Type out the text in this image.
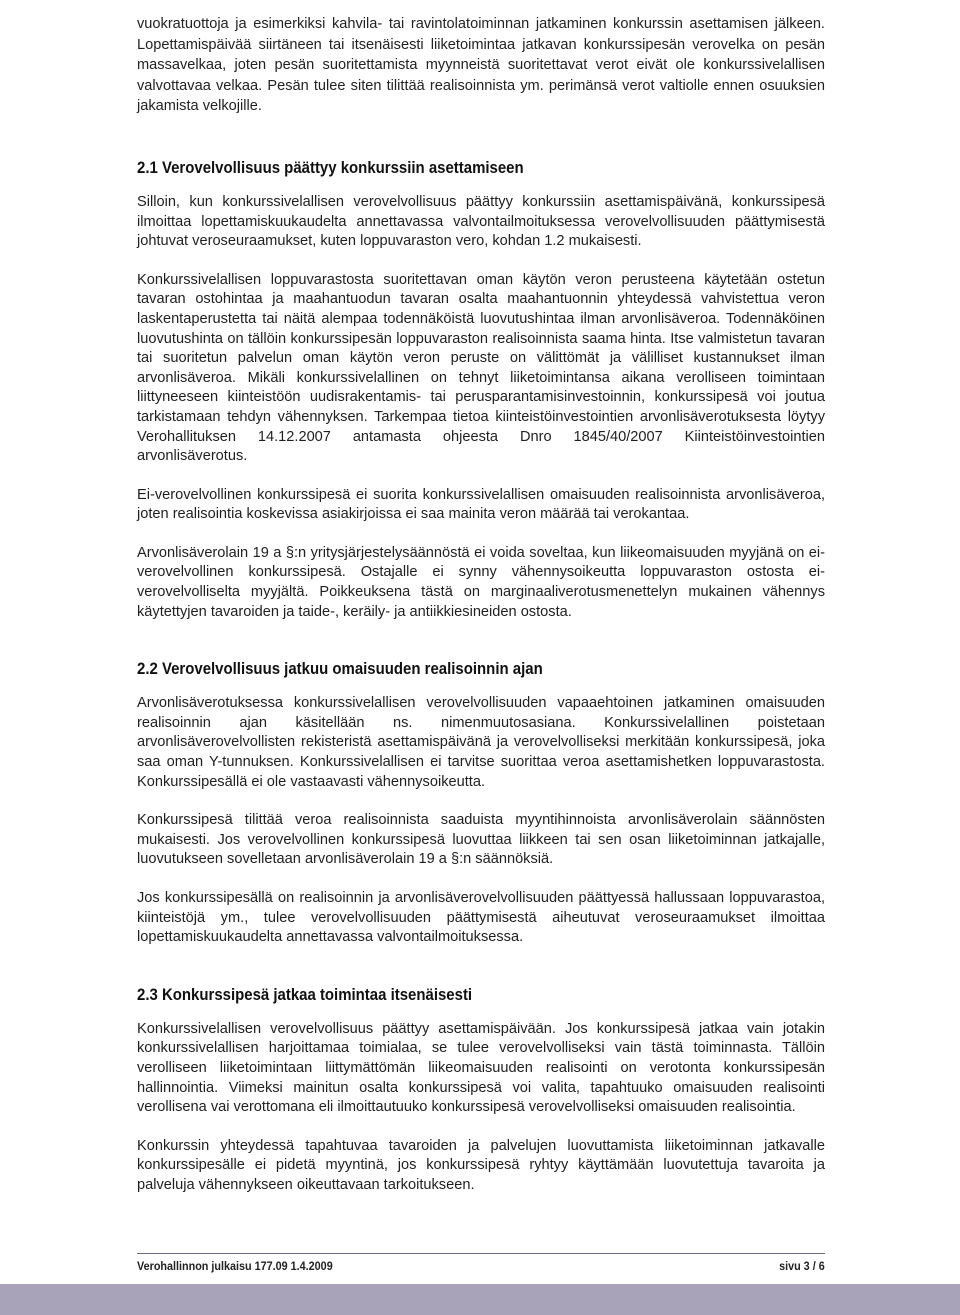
vuokratuottoja ja esimerkiksi kahvila- tai ravintolatoiminnan jatkaminen konkurssin asettamisen jälkeen. Lopettamispäivää siirtäneen tai itsenäisesti liiketoimintaa jatkavan konkurssipesän verovelka on pesän massavelkaa, joten pesän suoritettamista myynneistä suoritettavat verot eivät ole konkurssivelallisen valvottavaa velkaa. Pesän tulee siten tilittää realisoinnista ym. perimänsä verot valtiolle ennen osuuksien jakamista velkojille.

2.1 Verovelvollisuus päättyy konkurssiin asettamiseen

Silloin, kun konkurssivelallisen verovelvollisuus päättyy konkurssiin asettamispäivänä, konkurssipesä ilmoittaa lopettamiskuukaudelta annettavassa valvontailmoituksessa verovelvollisuuden päättymisestä johtuvat veroseuraamukset, kuten loppuvaraston vero, kohdan 1.2 mukaisesti.

Konkurssivelallisen loppuvarastosta suoritettavan oman käytön veron perusteena käytetään ostetun tavaran ostohintaa ja maahantuodun tavaran osalta maahantuonnin yhteydessä vahvistettua veron laskentaperustetta tai näitä alempaa todennäköistä luovutushintaa ilman arvonlisäveroa. Todennäköinen luovutushinta on tällöin konkurssipesän loppuvaraston realisoinnista saama hinta. Itse valmistetun tavaran tai suoritetun palvelun oman käytön veron peruste on välittömät ja välilliset kustannukset ilman arvonlisäveroa. Mikäli konkurssivelallinen on tehnyt liiketoimintansa aikana verolliseen toimintaan liittyneeseen kiinteistöön uudisrakentamis- tai perusparantamisinvestoinnin, konkurssipesä voi joutua tarkistamaan tehdyn vähennyksen. Tarkempaa tietoa kiinteistöinvestointien arvonlisäverotuksesta löytyy Verohallituksen 14.12.2007 antamasta ohjeesta Dnro 1845/40/2007 Kiinteistöinvestointien arvonlisäverotus.

Ei-verovelvollinen konkurssipesä ei suorita konkurssivelallisen omaisuuden realisoinnista arvonlisäveroa, joten realisointia koskevissa asiakirjoissa ei saa mainita veron määrää tai verokantaa.

Arvonlisäverolain 19 a §:n yritysjärjestelysäännöstä ei voida soveltaa, kun liikeomaisuuden myyjänä on ei-verovelvollinen konkurssipesä. Ostajalle ei synny vähennysoikeutta loppuvaraston ostosta ei-verovelvolliselta myyjältä. Poikkeuksena tästä on marginaaliverotusmenettelyn mukainen vähennys käytettyjen tavaroiden ja taide-, keräily- ja antiikkiesineiden ostosta.

2.2 Verovelvollisuus jatkuu omaisuuden realisoinnin ajan

Arvonlisäverotuksessa konkurssivelallisen verovelvollisuuden vapaaehtoinen jatkaminen omaisuuden realisoinnin ajan käsitellään ns. nimenmuutosasiana. Konkurssivelallinen poistetaan arvonlisäverovelvollisten rekisteristä asettamispäivänä ja verovelvolliseksi merkitään konkurssipesä, joka saa oman Y-tunnuksen. Konkurssivelallisen ei tarvitse suorittaa veroa asettamishetken loppuvarastosta. Konkurssipesällä ei ole vastaavasti vähennysoikeutta.

Konkurssipesä tilittää veroa realisoinnista saaduista myyntihinnoista arvonlisäverolain säännösten mukaisesti. Jos verovelvollinen konkurssipesä luovuttaa liikkeen tai sen osan liiketoiminnan jatkajalle, luovutukseen sovelletaan arvonlisäverolain 19 a §:n säännöksiä.

Jos konkurssipesällä on realisoinnin ja arvonlisäverovelvollisuuden päättyessä hallussaan loppuvarastoa, kiinteistöjä ym., tulee verovelvollisuuden päättymisestä aiheutuvat veroseuraamukset ilmoittaa lopettamiskuukaudelta annettavassa valvontailmoituksessa.

2.3 Konkurssipesä jatkaa toimintaa itsenäisesti

Konkurssivelallisen verovelvollisuus päättyy asettamispäivään. Jos konkurssipesä jatkaa vain jotakin konkurssivelallisen harjoittamaa toimialaa, se tulee verovelvolliseksi vain tästä toiminnasta. Tällöin verolliseen liiketoimintaan liittymättömän liikeomaisuuden realisointi on verotonta konkurssipesän hallinnointia. Viimeksi mainitun osalta konkurssipesä voi valita, tapahtuuko omaisuuden realisointi verollisena vai verottomana eli ilmoittautuuko konkurssipesä verovelvolliseksi omaisuuden realisointia.

Konkurssin yhteydessä tapahtuvaa tavaroiden ja palvelujen luovuttamista liiketoiminnan jatkavalle konkurssipesälle ei pidetä myyntinä, jos konkurssipesä ryhtyy käyttämään luovutettuja tavaroita ja palveluja vähennykseen oikeuttavaan tarkoitukseen.

Verohallinnon julkaisu 177.09 1.4.2009	sivu 3 / 6
